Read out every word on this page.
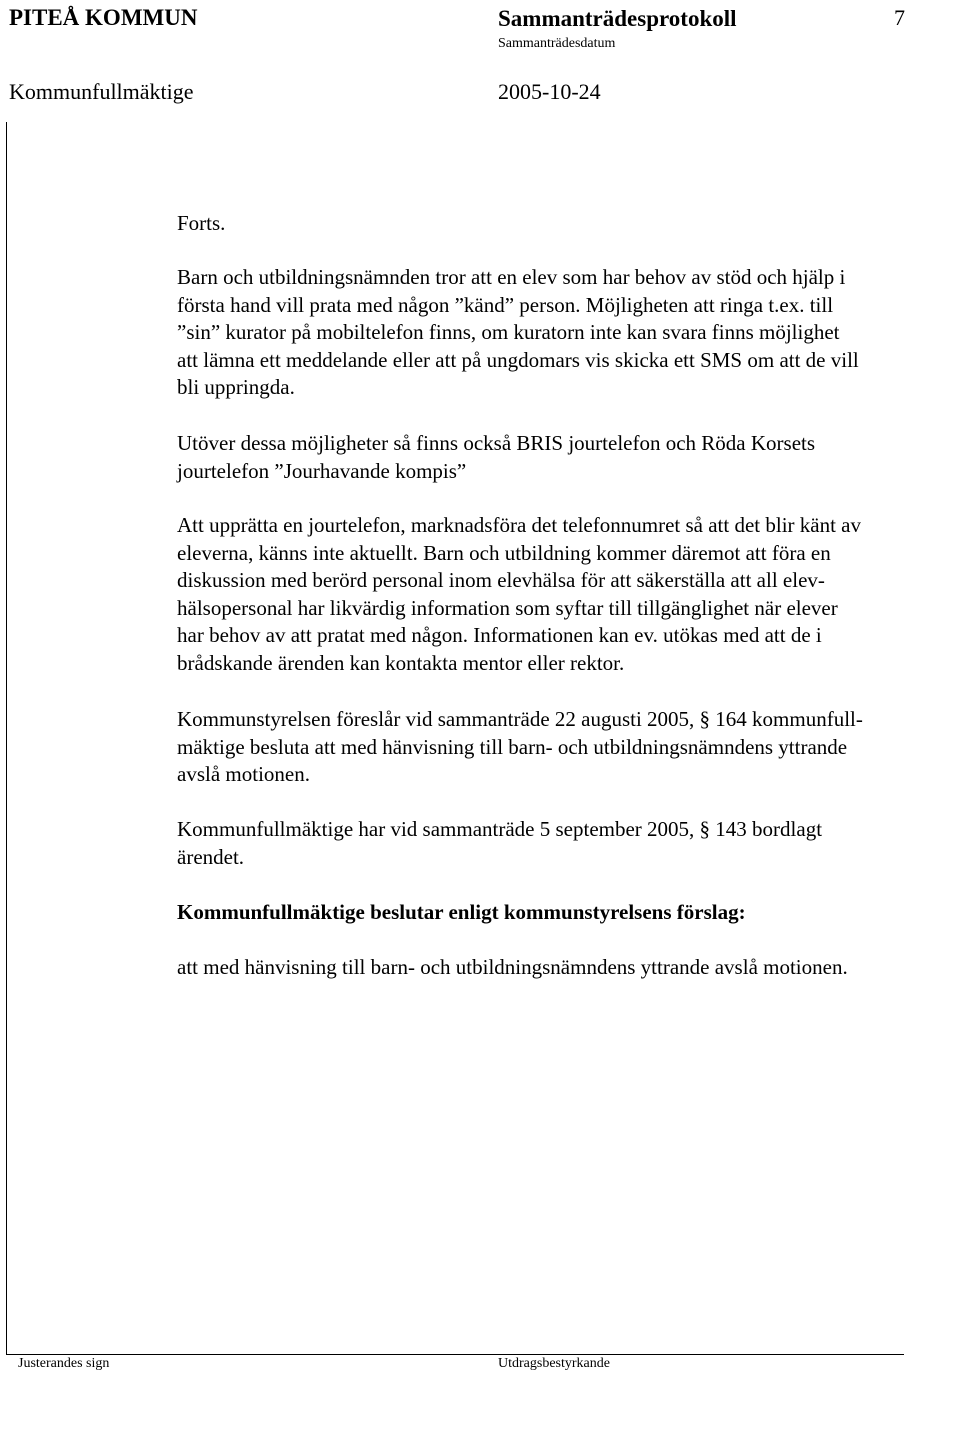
PITEÅ KOMMUN	Sammanträdesprotokoll	7
Sammanträdesdatum
Kommunfullmäktige	2005-10-24
Forts.
Barn och utbildningsnämnden tror att en elev som har behov av stöd och hjälp i
första hand vill prata med någon ”känd” person. Möjligheten att ringa t.ex. till
”sin” kurator på mobiltelefon finns, om kuratorn inte kan svara finns möjlighet
att lämna ett meddelande eller att på ungdomars vis skicka ett SMS om att de vill
bli uppringda.
Utöver dessa möjligheter så finns också BRIS jourtelefon och Röda Korsets
jourtelefon ”Jourhavande kompis”
Att upprätta en jourtelefon, marknadsföra det telefonnumret så att det blir känt av
eleverna, känns inte aktuellt. Barn och utbildning kommer däremot att föra en
diskussion med berörd personal inom elevhälsa för att säkerställa att all elev-
hälsopersonal har likvärdig information som syftar till tillgänglighet när elever
har behov av att pratat med någon. Informationen kan ev. utökas med att de i
brådskande ärenden kan kontakta mentor eller rektor.
Kommunstyrelsen föreslår vid sammanträde 22 augusti 2005, § 164 kommunfull-
mäktige besluta att med hänvisning till barn- och utbildningsnämndens yttrande
avslå motionen.
Kommunfullmäktige har vid sammanträde 5 september 2005, § 143 bordlagt
ärendet.
Kommunfullmäktige beslutar enligt kommunstyrelsens förslag:
att med hänvisning till barn- och utbildningsnämndens yttrande avslå motionen.
Justerandes sign	Utdragsbestyrkande
